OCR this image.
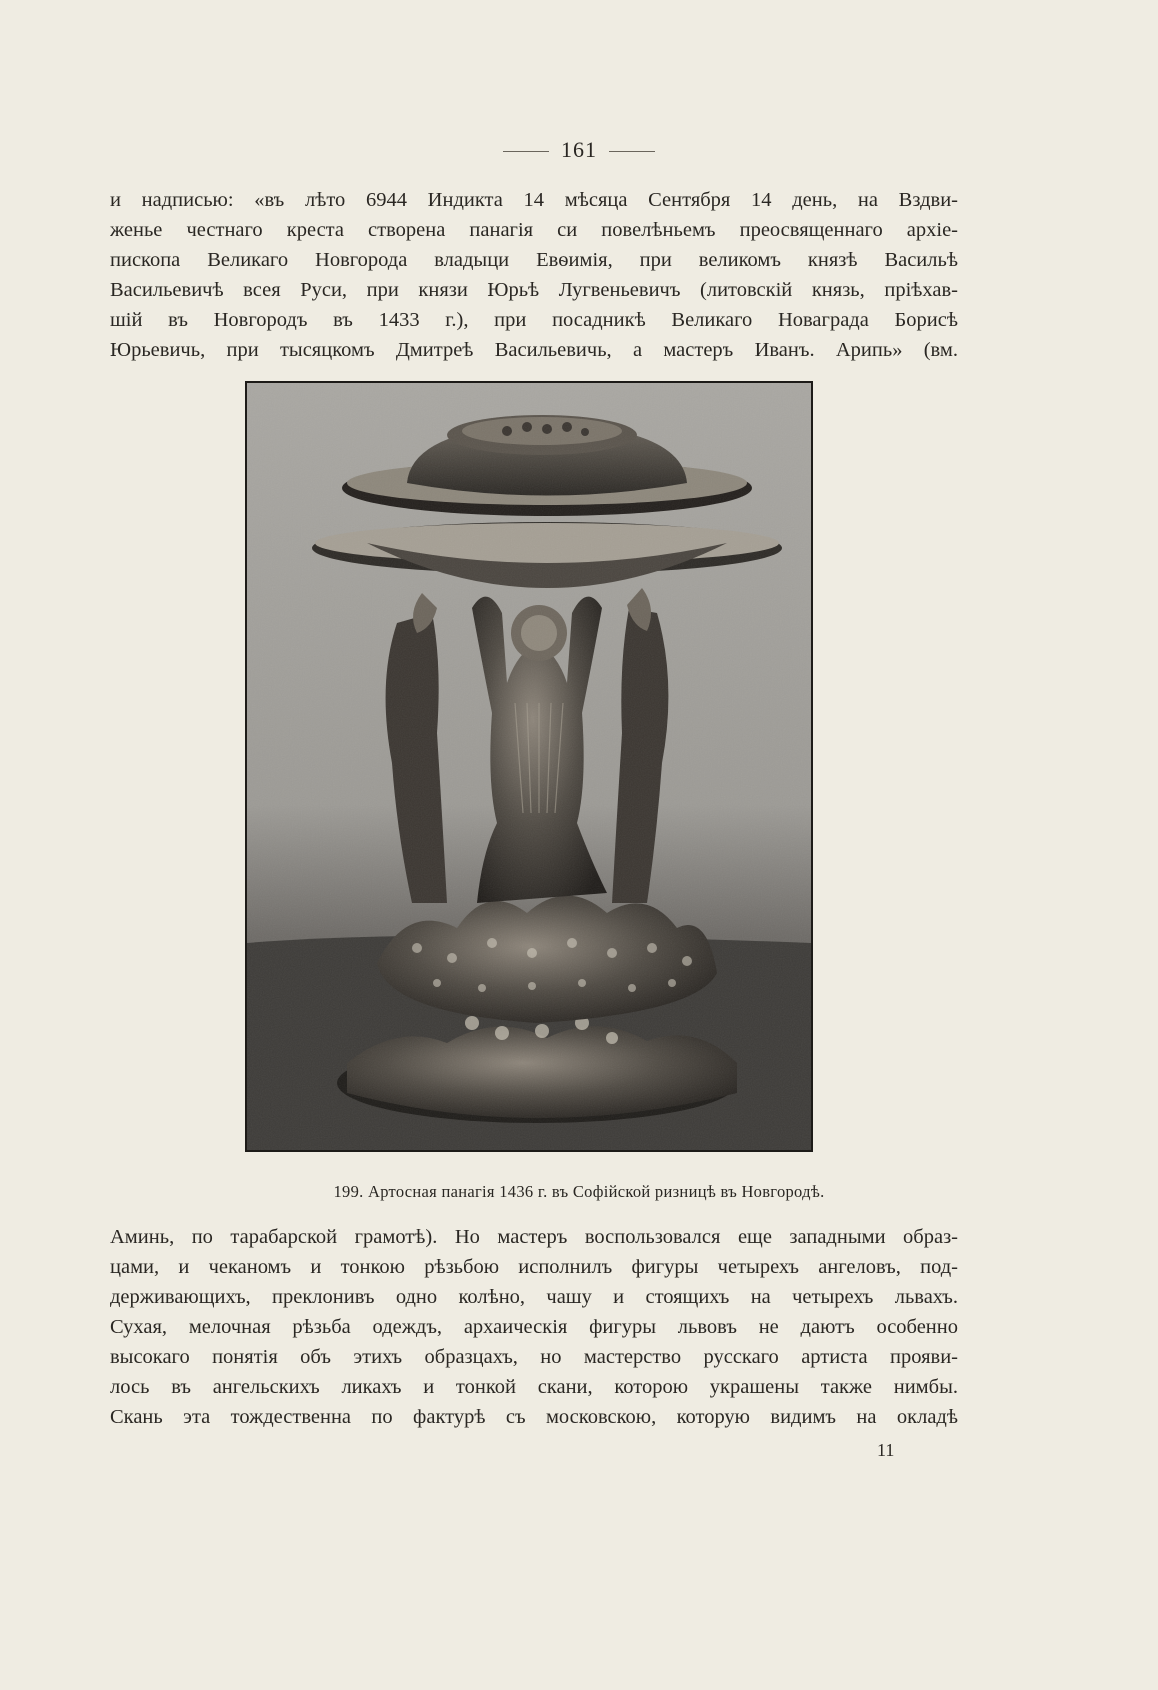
161
и надписью: «въ лѣто 6944 Индикта 14 мѣсяца Сентября 14 день, на Вздви-
женье честнаго креста створена панагія си повелѣньемъ преосвященнаго архіе-
пископа Великаго Новгорода владыци Евѳимія, при великомъ князѣ Васильѣ
Васильевичѣ всея Руси, при князи Юрьѣ Лугвеньевичъ (литовскій князь, пріѣхав-
шій въ Новгородъ въ 1433 г.), при посадникѣ Великаго Новаграда Борисѣ
Юрьевичь, при тысяцкомъ Дмитреѣ Васильевичь, а мастеръ Иванъ. Арипь» (вм.
199. Артосная панагія 1436 г. въ Софійской ризницѣ въ Новгородѣ.
Аминь, по тарабарской грамотѣ). Но мастеръ воспользовался еще западными образ-
цами, и чеканомъ и тонкою рѣзьбою исполнилъ фигуры четырехъ ангеловъ, под-
держивающихъ, преклонивъ одно колѣно, чашу и стоящихъ на четырехъ львахъ.
Сухая, мелочная рѣзьба одеждъ, архаическія фигуры львовъ не даютъ особенно
высокаго понятія объ этихъ образцахъ, но мастерство русскаго артиста прояви-
лось въ ангельскихъ ликахъ и тонкой скани, которою украшены также нимбы.
Скань эта тождественна по фактурѣ съ московскою, которую видимъ на окладѣ
11
